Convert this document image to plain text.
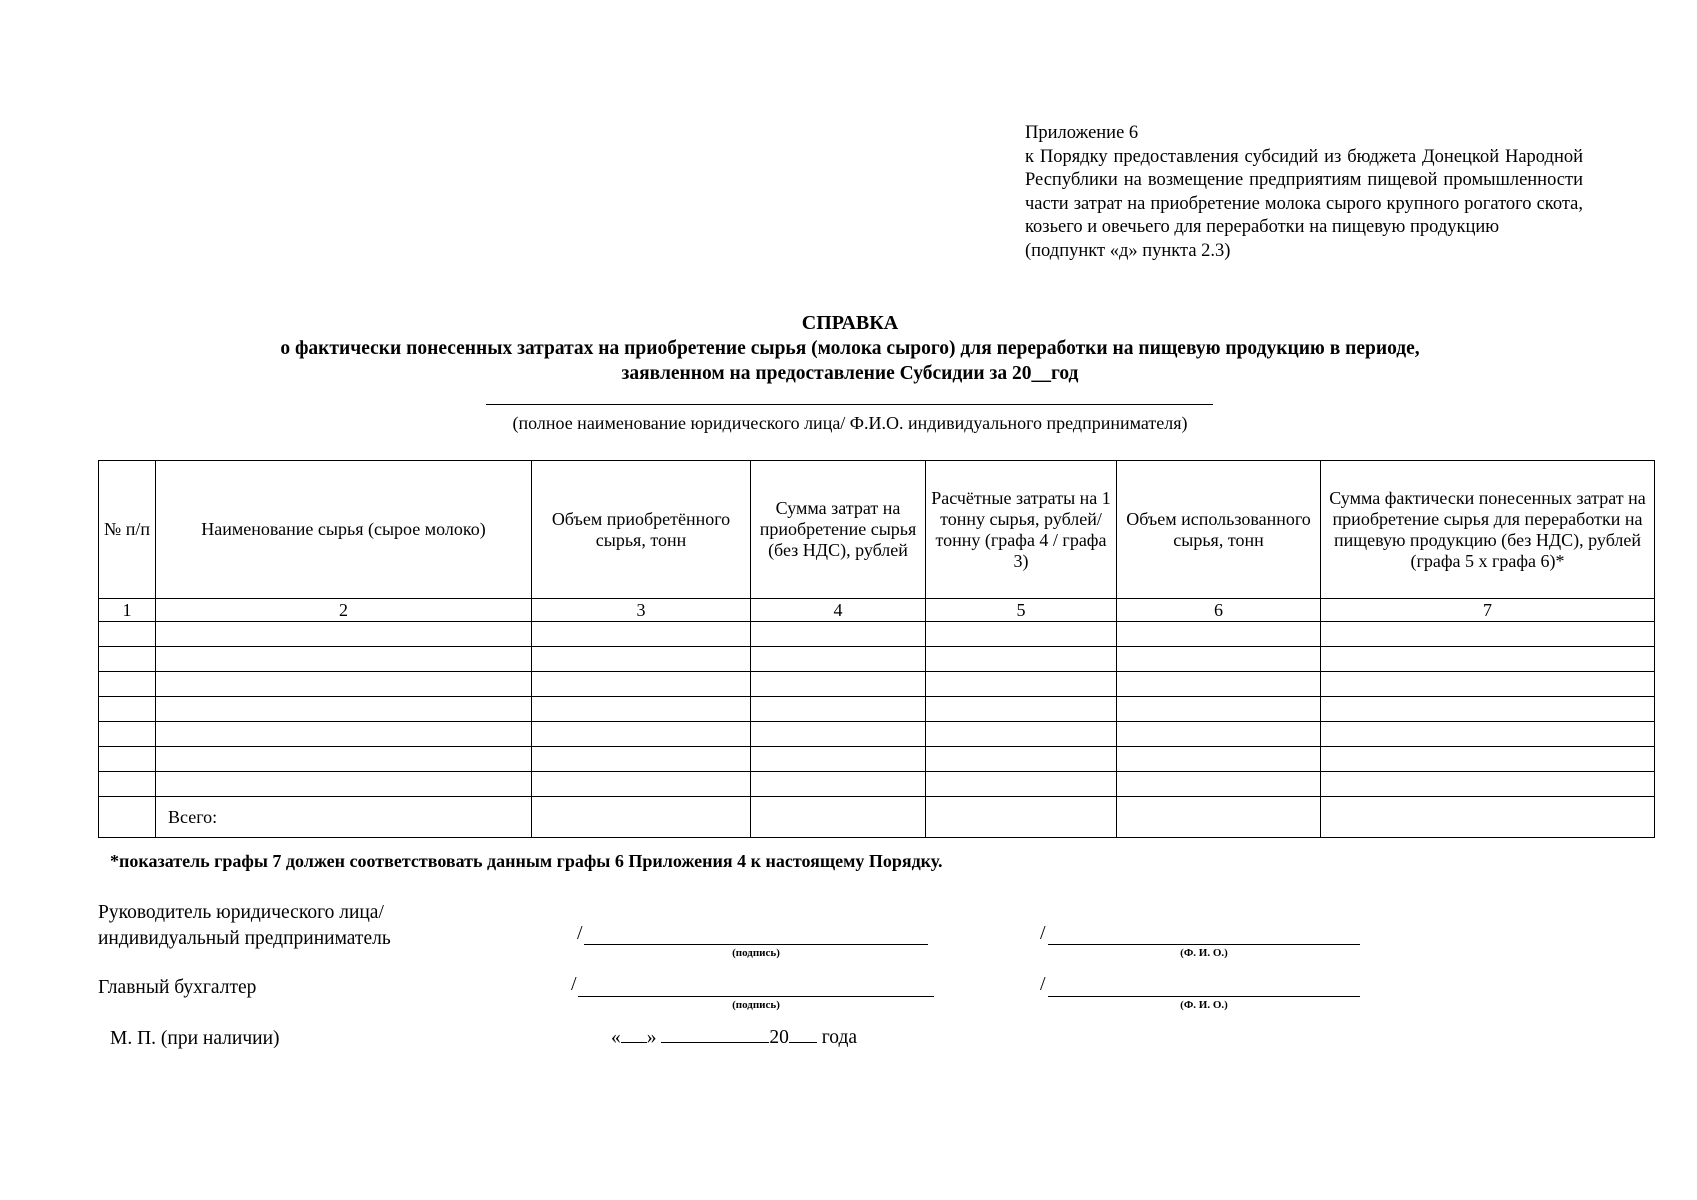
Приложение 6
к Порядку предоставления субсидий из бюджета Донецкой Народной Республики на возмещение предприятиям пищевой промышленности части затрат на приобретение молока сырого крупного рогатого скота, козьего и овечьего для переработки на пищевую продукцию
(подпункт «д» пункта 2.3)
СПРАВКА
о фактически понесенных затратах на приобретение сырья (молока сырого) для переработки на пищевую продукцию в периоде,
заявленном на предоставление Субсидии за 20__год
(полное наименование юридического лица/ Ф.И.О. индивидуального предпринимателя)
№ п/п	Наименование сырья (сырое молоко)	Объем приобретённого сырья, тонн	Сумма затрат на приобретение сырья (без НДС), рублей	Расчётные затраты на 1 тонну сырья, рублей/тонну (графа 4 / графа 3)	Объем использованного сырья, тонн	Сумма фактически понесенных затрат на приобретение сырья для переработки на пищевую продукцию (без НДС), рублей (графа 5 х графа 6)*
1	2	3	4	5	6	7

	Всего:					
*показатель графы 7 должен соответствовать данным графы 6 Приложения 4 к настоящему Порядку.
Руководитель юридического лица/
индивидуальный предприниматель	/
(подпись)
/
(Ф. И. О.)
Главный бухгалтер	/
(подпись)
/
(Ф. И. О.)
М. П. (при наличии)	« »	20 года
